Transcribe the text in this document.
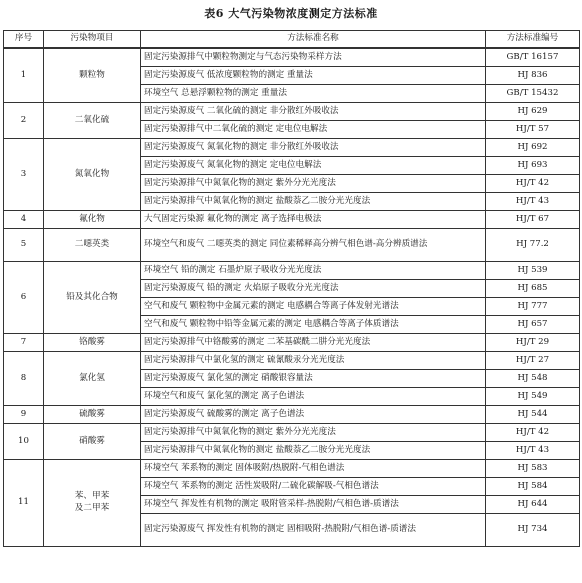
表6 大气污染物浓度测定方法标准
序号	污染物项目	方法标准名称	方法标准编号
1	颗粒物	固定污染源排气中颗粒物测定与气态污染物采样方法	GB/T 16157
		固定污染源废气 低浓度颗粒物的测定 重量法	HJ 836
		环境空气 总悬浮颗粒物的测定 重量法	GB/T 15432
2	二氧化硫	固定污染源废气 二氧化硫的测定 非分散红外吸收法	HJ 629
		固定污染源排气中二氧化硫的测定 定电位电解法	HJ/T 57
3	氮氧化物	固定污染源废气 氮氧化物的测定 非分散红外吸收法	HJ 692
		固定污染源废气 氮氧化物的测定 定电位电解法	HJ 693
		固定污染源排气中氮氧化物的测定 紫外分光光度法	HJ/T 42
		固定污染源排气中氮氧化物的测定 盐酸萘乙二胺分光光度法	HJ/T 43
4	氟化物	大气固定污染源 氟化物的测定 离子选择电极法	HJ/T 67
5	二噁英类	环境空气和废气 二噁英类的测定 同位素稀释高分辨气相色谱-高分辨质谱法	HJ 77.2
6	铅及其化合物	环境空气 铅的测定 石墨炉原子吸收分光光度法	HJ 539
		固定污染源废气 铅的测定 火焰原子吸收分光光度法	HJ 685
		空气和废气 颗粒物中金属元素的测定 电感耦合等离子体发射光谱法	HJ 777
		空气和废气 颗粒物中铅等金属元素的测定 电感耦合等离子体质谱法	HJ 657
7	铬酸雾	固定污染源排气中铬酸雾的测定 二苯基碳酰二肼分光光度法	HJ/T 29
8	氯化氢	固定污染源排气中氯化氢的测定 硫氰酸汞分光光度法	HJ/T 27
		固定污染源废气 氯化氢的测定 硝酸银容量法	HJ 548
		环境空气和废气 氯化氢的测定 离子色谱法	HJ 549
9	硫酸雾	固定污染源废气 硫酸雾的测定 离子色谱法	HJ 544
10	硝酸雾	固定污染源排气中氮氧化物的测定 紫外分光光度法	HJ/T 42
		固定污染源排气中氮氧化物的测定 盐酸萘乙二胺分光光度法	HJ/T 43
11	苯、甲苯
及二甲苯	环境空气 苯系物的测定 固体吸附/热脱附-气相色谱法	HJ 583
		环境空气 苯系物的测定 活性炭吸附/二硫化碳解吸-气相色谱法	HJ 584
		环境空气 挥发性有机物的测定 吸附管采样-热脱附/气相色谱-质谱法	HJ 644
		固定污染源废气 挥发性有机物的测定 固相吸附-热脱附/气相色谱-质谱法	HJ 734
